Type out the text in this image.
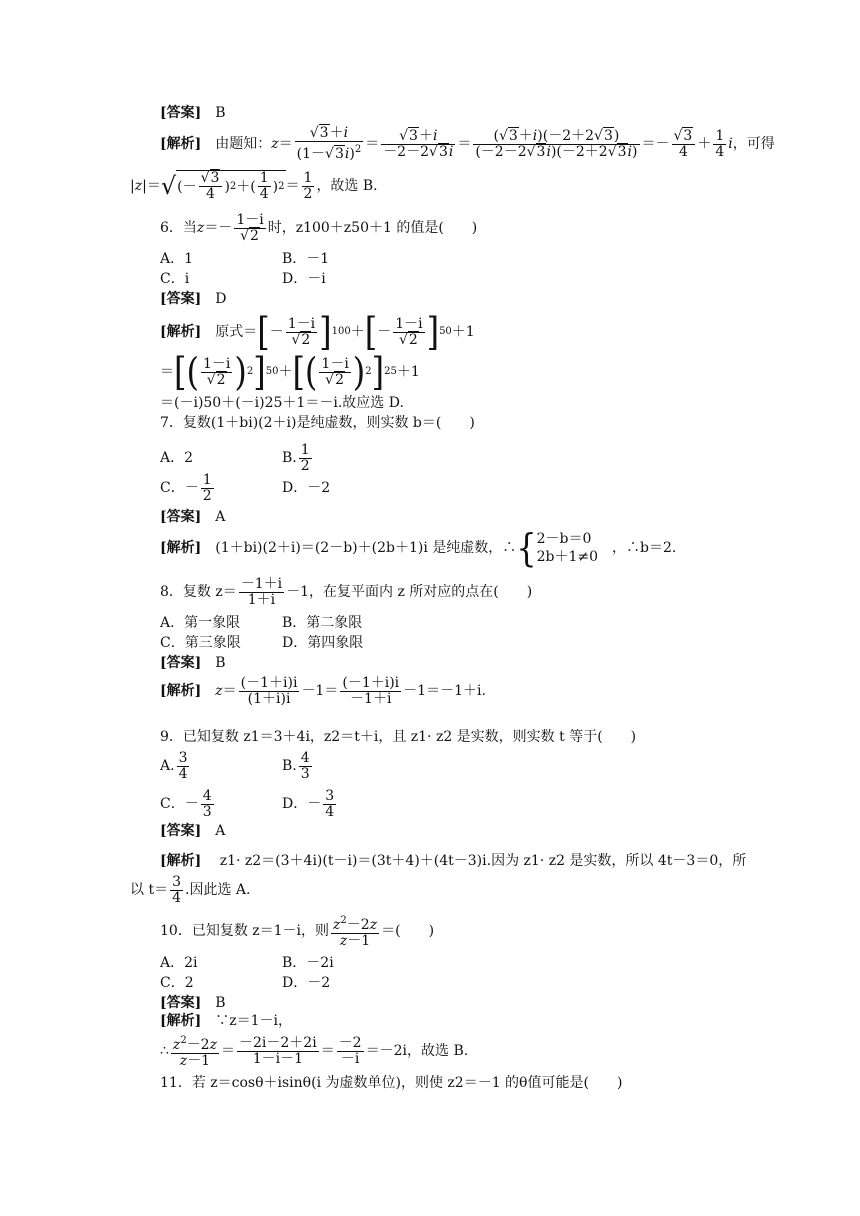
[答案]　 B
[解析]
　 由题知： $z = \frac{√3+i}{(1-√3i)^2} = \frac{√3+i}{-2-2√3i} = \frac{(√3+i)(-2+2√3)}{(-2-2√3i)(-2+2√3i)} =- \frac{√3}{4} + \frac{1}{4}$ i ，可得
| z |＝ √ (－ $\frac{√3}{4}$ ) 2 ＋( $\frac{1}{4}$ ) $2 = \frac{1}{2}$ ，故选 B.
6．当 $z =- \frac{1-i}{√2}$ 时，z100＋z50＋1 的值是(　　)
A．1	B．－1
C．i	D．－i
[答案]　 D
[解析]
　 原式＝ [ － $\frac{1-i}{√2}$ ] 100 ＋ [ － $\frac{1-i}{√2}$ ] 50 ＋1
＝ [ ( $\frac{1-i}{√2}$ ) 2 ] 50 ＋ [ ( $\frac{1-i}{√2}$ ) 2 ] 25 ＋1
＝(－i)50＋(－i)25＋1＝－i.故应选 D.
7．复数(1＋bi)(2＋i)是纯虚数，则实数 b＝(　　)
A．2	B. $\frac{1}{2}$
C．－ $\frac{1}{2}$	D．－2
[答案]　 A
[解析]
　 (1＋bi)(2＋i)＝(2－b)＋(2b＋1)i 是纯虚数，∴ { 2－b＝0
2b＋1≠0
，∴b＝2.
8．复数 $z= \frac{-1+i}{1+i} -1$，在复平面内 z 所对应的点在(　　)
A．第一象限	B．第二象限
C．第三象限	D．第四象限
[答案]　 B
[解析]
　 $z = \frac{(-1+i)i}{(1+i)i} -1= \frac{(-1+i)i}{-1+i} -1=-1+i$.
9．已知复数 z1＝3＋4i，z2＝t＋i，且 z1· z2 是实数，则实数 t 等于(　　)
A. $\frac{3}{4}$	B. $\frac{4}{3}$
C．－ $\frac{4}{3}$	D．－ $\frac{3}{4}$
[答案]　 A
[解析]　 z1· z2＝(3＋4i)(t－i)＝(3t＋4)＋(4t－3)i.因为 z1· z2 是实数，所以 4t－3＝0，所
以 $t= \frac{3}{4}$ .因此选 A.
10．已知复数 z＝1－i，则 $\frac{z^2-2z}{z-1}$ ＝(　　)
A．2i	B．－2i
C．2	D．－2
[答案]　 B
[解析]　 ∵z＝1－i，
∴ $\frac{z^2-2z}{z-1} = \frac{-2i-2+2i}{1-i-1} = \frac{-2}{-i} =-2i$，故选 B.
11．若 z＝cosθ＋isinθ(i 为虚数单位)，则使 z2＝－1 的θ值可能是(　　)
